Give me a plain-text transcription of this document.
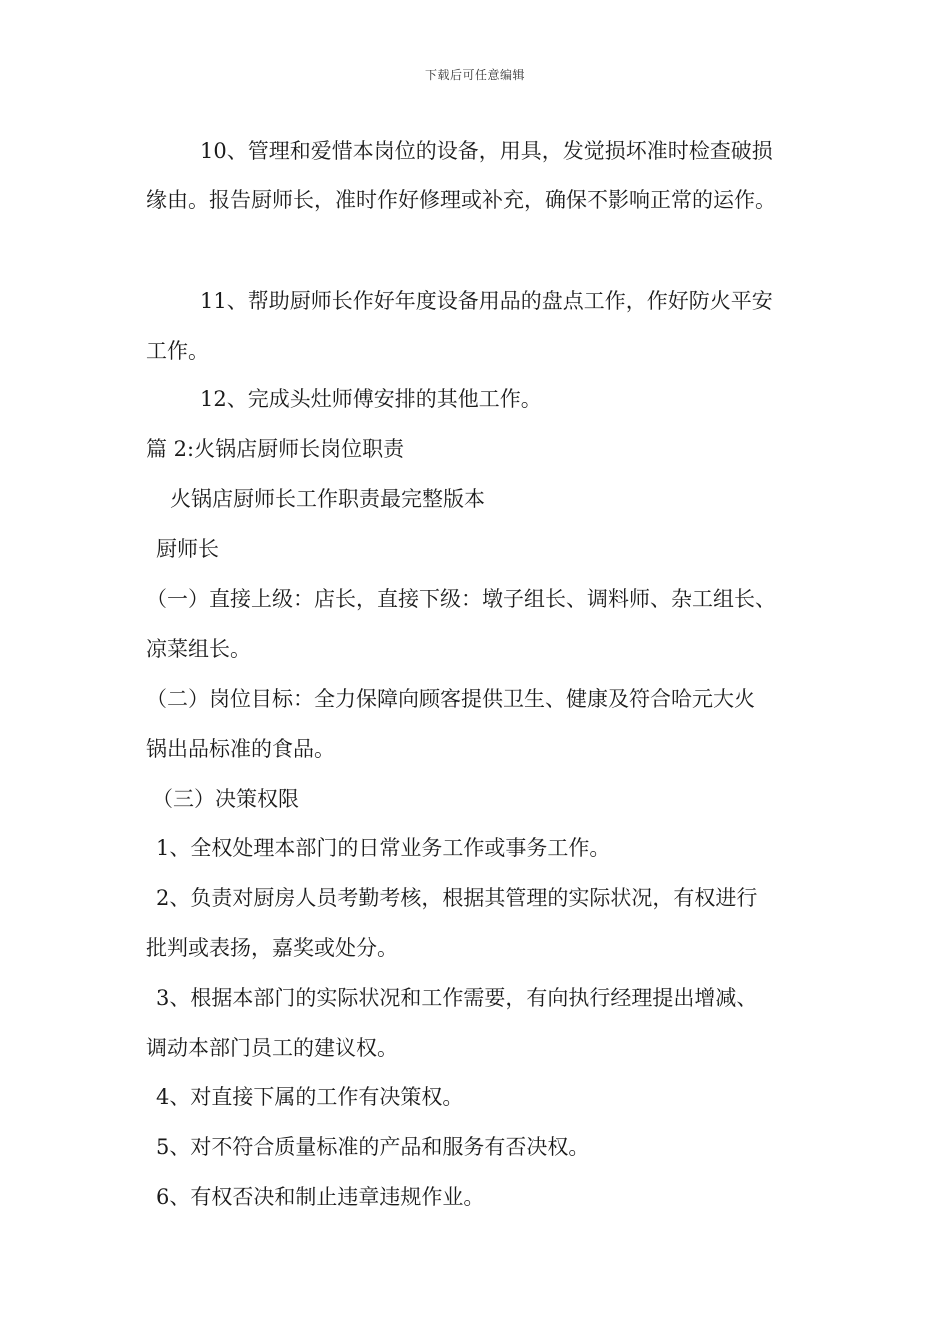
下载后可任意编辑
10、管理和爱惜本岗位的设备，用具，发觉损坏准时检查破损
缘由。报告厨师长，准时作好修理或补充，确保不影响正常的运作。
11、帮助厨师长作好年度设备用品的盘点工作，作好防火平安
工作。
12、完成头灶师傅安排的其他工作。
篇 2:火锅店厨师长岗位职责
火锅店厨师长工作职责最完整版本
厨师长
（一）直接上级：店长，直接下级：墩子组长、调料师、杂工组长、
凉菜组长。
（二）岗位目标：全力保障向顾客提供卫生、健康及符合哈元大火
锅出品标准的食品。
（三）决策权限
1、全权处理本部门的日常业务工作或事务工作。
2、负责对厨房人员考勤考核，根据其管理的实际状况，有权进行
批判或表扬，嘉奖或处分。
3、根据本部门的实际状况和工作需要，有向执行经理提出增减、
调动本部门员工的建议权。
4、对直接下属的工作有决策权。
5、对不符合质量标准的产品和服务有否决权。
6、有权否决和制止违章违规作业。
